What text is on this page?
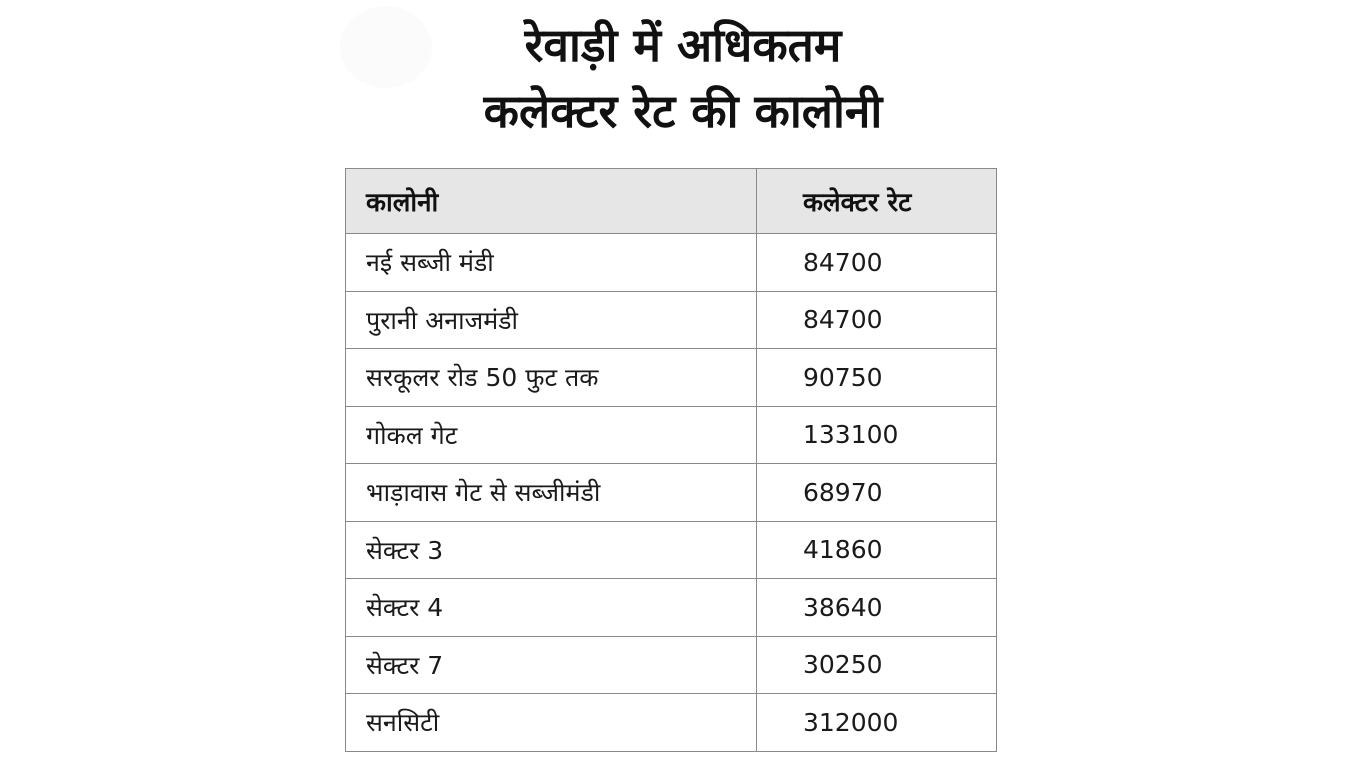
रेवाड़ी में अधिकतम
कलेक्टर रेट की कालोनी
कालोनी	कलेक्टर रेट
नई सब्जी मंडी	84700
पुरानी अनाजमंडी	84700
सरकूलर रोड 50 फुट तक	90750
गोकल गेट	133100
भाड़ावास गेट से सब्जीमंडी	68970
सेक्टर 3	41860
सेक्टर 4	38640
सेक्टर 7	30250
सनसिटी	312000
